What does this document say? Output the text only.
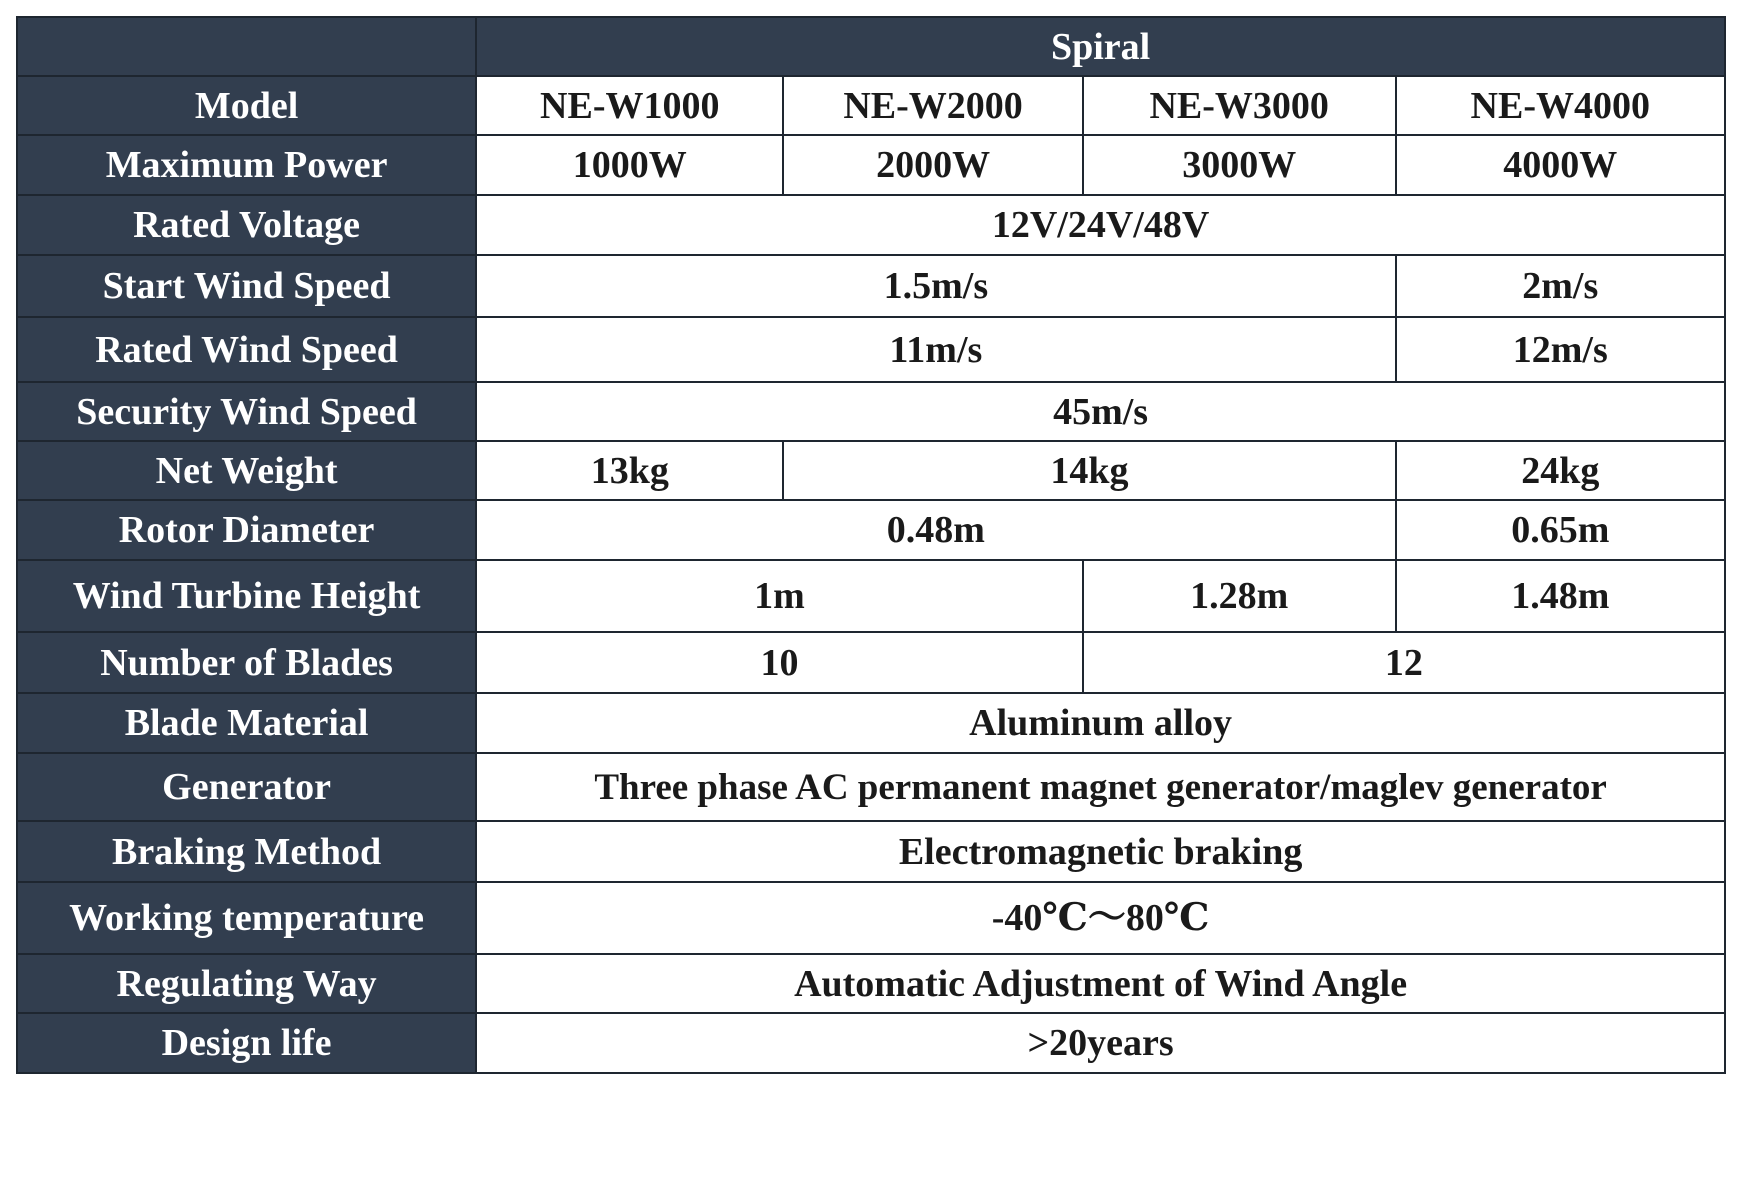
	Spiral			
Model	NE-W1000	NE-W2000	NE-W3000	NE-W4000
Maximum Power	1000W	2000W	3000W	4000W
Rated Voltage	12V/24V/48V			
Start Wind Speed	1.5m/s			2m/s
Rated Wind Speed	11m/s			12m/s
Security Wind Speed	45m/s			
Net Weight	13kg	14kg		24kg
Rotor Diameter	0.48m			0.65m
Wind Turbine Height	1m		1.28m	1.48m
Number of Blades	10		12	
Blade Material	Aluminum alloy			
Generator	Three phase AC permanent magnet generator/maglev generator			
Braking Method	Electromagnetic braking			
Working temperature	-40℃～80℃			
Regulating Way	Automatic Adjustment of Wind Angle			
Design life	>20years			
